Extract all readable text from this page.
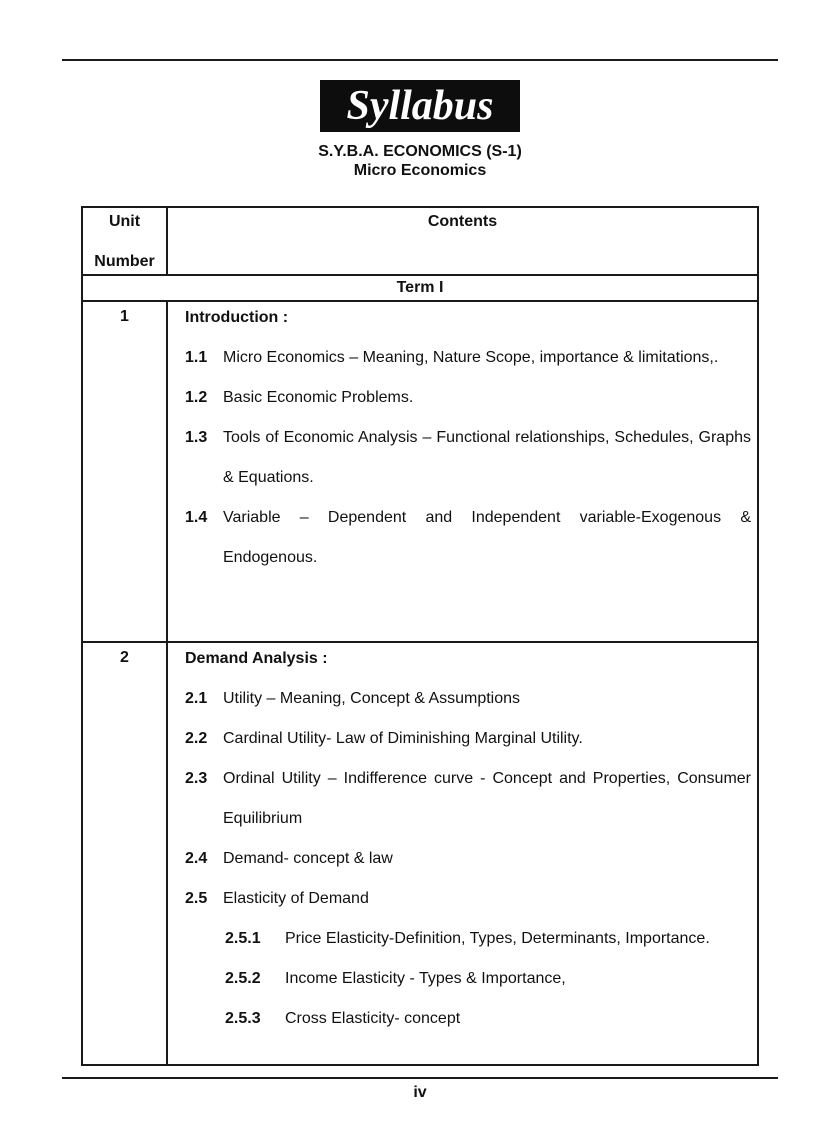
Syllabus
S.Y.B.A. ECONOMICS (S-1)
Micro Economics
Unit
Number
Contents
Term I
1	Introduction :
1.1 Micro Economics – Meaning, Nature Scope, importance & limitations,.
1.2 Basic Economic Problems.
1.3 Tools of Economic Analysis – Functional relationships, Schedules, Graphs & Equations.
1.4 Variable – Dependent and Independent variable-Exogenous & Endogenous.
2	Demand Analysis :
2.1 Utility – Meaning, Concept & Assumptions
2.2 Cardinal Utility- Law of Diminishing Marginal Utility.
2.3 Ordinal Utility – Indifference curve - Concept and Properties, Consumer Equilibrium
2.4 Demand- concept & law
2.5 Elasticity of Demand
2.5.1 Price Elasticity-Definition, Types, Determinants, Importance.
2.5.2 Income Elasticity - Types & Importance,
2.5.3 Cross Elasticity- concept
iv
